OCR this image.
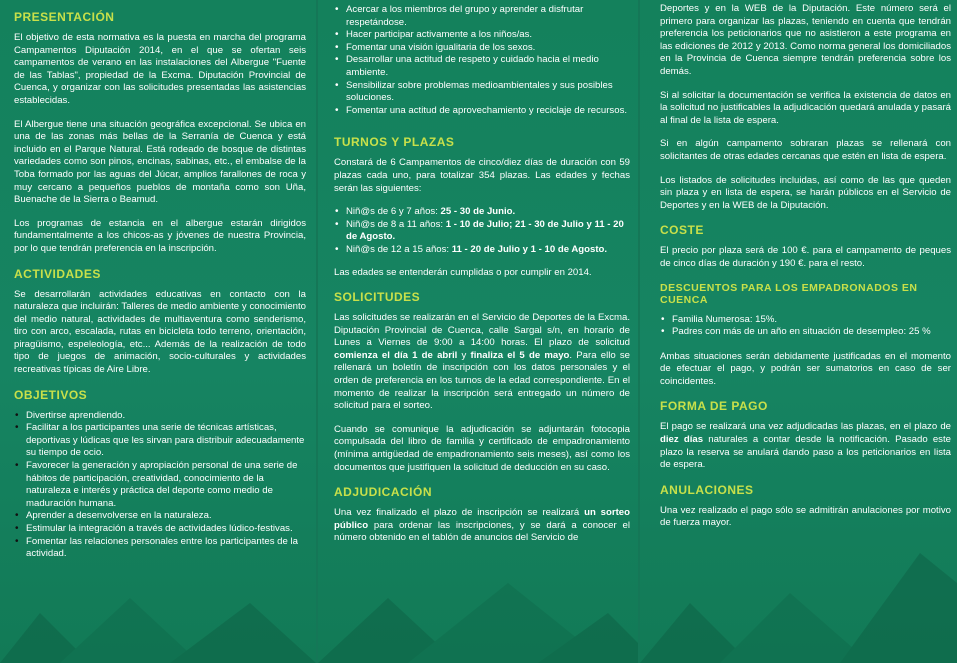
PRESENTACIÓN

El objetivo de esta normativa es la puesta en marcha del programa Campamentos Diputación 2014, en el que se ofertan seis campamentos de verano en las instalaciones del Albergue "Fuente de las Tablas", propiedad de la Excma. Diputación Provincial de Cuenca, y organizar con las solicitudes presentadas las asistencias establecidas.

El Albergue tiene una situación geográfica excepcional. Se ubica en una de las zonas más bellas de la Serranía de Cuenca y está incluido en el Parque Natural. Está rodeado de bosque de distintas variedades como son pinos, encinas, sabinas, etc., el embalse de la Toba formado por las aguas del Júcar, amplios farallones de roca y muy cercano a pequeños pueblos de montaña como son Uña, Buenache de la Sierra o Beamud.

Los programas de estancia en el albergue estarán dirigidos fundamentalmente a los chicos-as y jóvenes de nuestra Provincia, por lo que tendrán preferencia en la inscripción.

ACTIVIDADES

Se desarrollarán actividades educativas en contacto con la naturaleza que incluirán: Talleres de medio ambiente y conocimiento del medio natural, actividades de multiaventura como senderismo, tiro con arco, escalada, rutas en bicicleta todo terreno, orientación, piragüismo, espeleología, etc... Además de la realización de todo tipo de juegos de animación, socio-culturales y actividades recreativas típicas de Aire Libre.

OBJETIVOS
• Divertirse aprendiendo.
• Facilitar a los participantes una serie de técnicas artísticas, deportivas y lúdicas que les sirvan para distribuir adecuadamente su tiempo de ocio.
• Favorecer la generación y apropiación personal de una serie de hábitos de participación, creatividad, conocimiento de la naturaleza e interés y práctica del deporte como medio de maduración humana.
• Aprender a desenvolverse en la naturaleza.
• Estimular la integración a través de actividades lúdico-festivas.
• Fomentar las relaciones personales entre los participantes de la actividad.
• Acercar a los miembros del grupo y aprender a disfrutar respetándose.
• Hacer participar activamente a los niños/as.
• Fomentar una visión igualitaria de los sexos.
• Desarrollar una actitud de respeto y cuidado hacia el medio ambiente.
• Sensibilizar sobre problemas medioambientales y sus posibles soluciones.
• Fomentar una actitud de aprovechamiento y reciclaje de recursos.
TURNOS Y PLAZAS

Constará de 6 Campamentos de cinco/diez días de duración con 59 plazas cada uno, para totalizar 354 plazas. Las edades y fechas serán las siguientes:

• Niñ@s de 6 y 7 años: 25 - 30 de Junio.
• Niñ@s de 8 a 11 años: 1 - 10 de Julio; 21 - 30 de Julio y 11 - 20 de Agosto.
• Niñ@s de 12 a 15 años: 11 - 20 de Julio y 1 - 10 de Agosto.

Las edades se entenderán cumplidas o por cumplir en 2014.

SOLICITUDES

Las solicitudes se realizarán en el Servicio de Deportes de la Excma. Diputación Provincial de Cuenca, calle Sargal s/n, en horario de Lunes a Viernes de 9:00 a 14:00 horas. El plazo de solicitud comienza el día 1 de abril y finaliza el 5 de mayo. Para ello se rellenará un boletín de inscripción con los datos personales y el orden de preferencia en los turnos de la edad correspondiente. En el momento de realizar la inscripción será entregado un número de solicitud para el sorteo.

Cuando se comunique la adjudicación se adjuntarán fotocopia compulsada del libro de familia y certificado de empadronamiento (mínima antigüedad de empadronamiento seis meses), así como los documentos que justifiquen la solicitud de deducción en su caso.

ADJUDICACIÓN

Una vez finalizado el plazo de inscripción se realizará un sorteo público para ordenar las inscripciones, y se dará a conocer el número obtenido en el tablón de anuncios del Servicio de

Deportes y en la WEB de la Diputación. Este número será el primero para organizar las plazas, teniendo en cuenta que tendrán preferencia los peticionarios que no asistieron a este programa en las ediciones de 2012 y 2013. Como norma general los domiciliados en la Provincia de Cuenca siempre tendrán preferencia sobre los demás.

Si al solicitar la documentación se verifica la existencia de datos en la solicitud no justificables la adjudicación quedará anulada y pasará al final de la lista de espera.

Si en algún campamento sobraran plazas se rellenará con solicitantes de otras edades cercanas que estén en lista de espera.

Los listados de solicitudes incluidas, así como de las que queden sin plaza y en lista de espera, se harán públicos en el Servicio de Deportes y en la WEB de la Diputación.

COSTE

El precio por plaza será de 100 €. para el campamento de peques de cinco días de duración y 190 €. para el resto.

DESCUENTOS PARA LOS EMPADRONADOS EN CUENCA
• Familia Numerosa: 15%.
• Padres con más de un año en situación de desempleo: 25 %

Ambas situaciones serán debidamente justificadas en el momento de efectuar el pago, y podrán ser sumatorios en caso de ser coincidentes.

FORMA DE PAGO

El pago se realizará una vez adjudicadas las plazas, en el plazo de diez días naturales a contar desde la notificación. Pasado este plazo la reserva se anulará dando paso a los peticionarios en lista de espera.

ANULACIONES

Una vez realizado el pago sólo se admitirán anulaciones por motivo de fuerza mayor.
